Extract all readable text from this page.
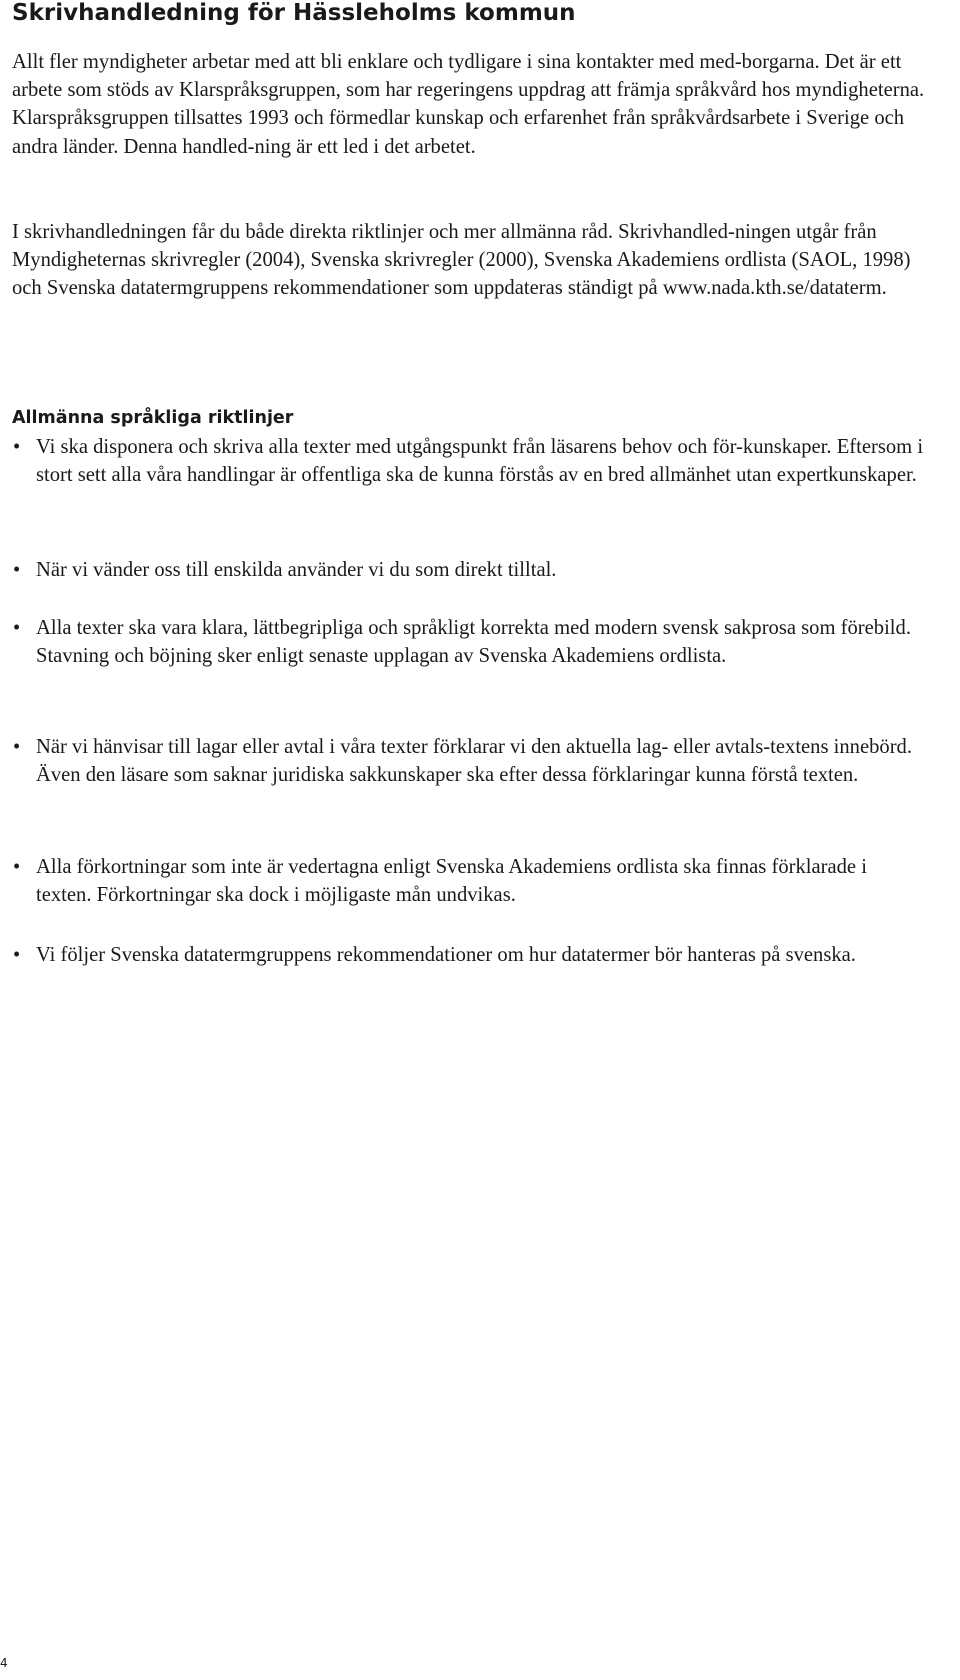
Skrivhandledning för Hässleholms kommun

Allt fler myndigheter arbetar med att bli enklare och tydligare i sina kontakter med med-borgarna. Det är ett arbete som stöds av Klarspråksgruppen, som har regeringens uppdrag att främja språkvård hos myndigheterna. Klarspråksgruppen tillsattes 1993 och förmedlar kunskap och erfarenhet från språkvårdsarbete i Sverige och andra länder. Denna handled-ning är ett led i det arbetet.

I skrivhandledningen får du både direkta riktlinjer och mer allmänna råd. Skrivhandled-ningen utgår från Myndigheternas skrivregler (2004), Svenska skrivregler (2000), Svenska Akademiens ordlista (SAOL, 1998) och Svenska datatermgruppens rekommendationer som uppdateras ständigt på www.nada.kth.se/dataterm.

Allmänna språkliga riktlinjer
• Vi ska disponera och skriva alla texter med utgångspunkt från läsarens behov och för-kunskaper. Eftersom i stort sett alla våra handlingar är offentliga ska de kunna förstås av en bred allmänhet utan expertkunskaper.

• När vi vänder oss till enskilda använder vi du som direkt tilltal.

• Alla texter ska vara klara, lättbegripliga och språkligt korrekta med modern svensk sakprosa som förebild. Stavning och böjning sker enligt senaste upplagan av Svenska Akademiens ordlista.

• När vi hänvisar till lagar eller avtal i våra texter förklarar vi den aktuella lag- eller avtals-textens innebörd. Även den läsare som saknar juridiska sakkunskaper ska efter dessa förklaringar kunna förstå texten.

• Alla förkortningar som inte är vedertagna enligt Svenska Akademiens ordlista ska finnas förklarade i texten. Förkortningar ska dock i möjligaste mån undvikas.

• Vi följer Svenska datatermgruppens rekommendationer om hur datatermer bör hanteras på svenska.

4
